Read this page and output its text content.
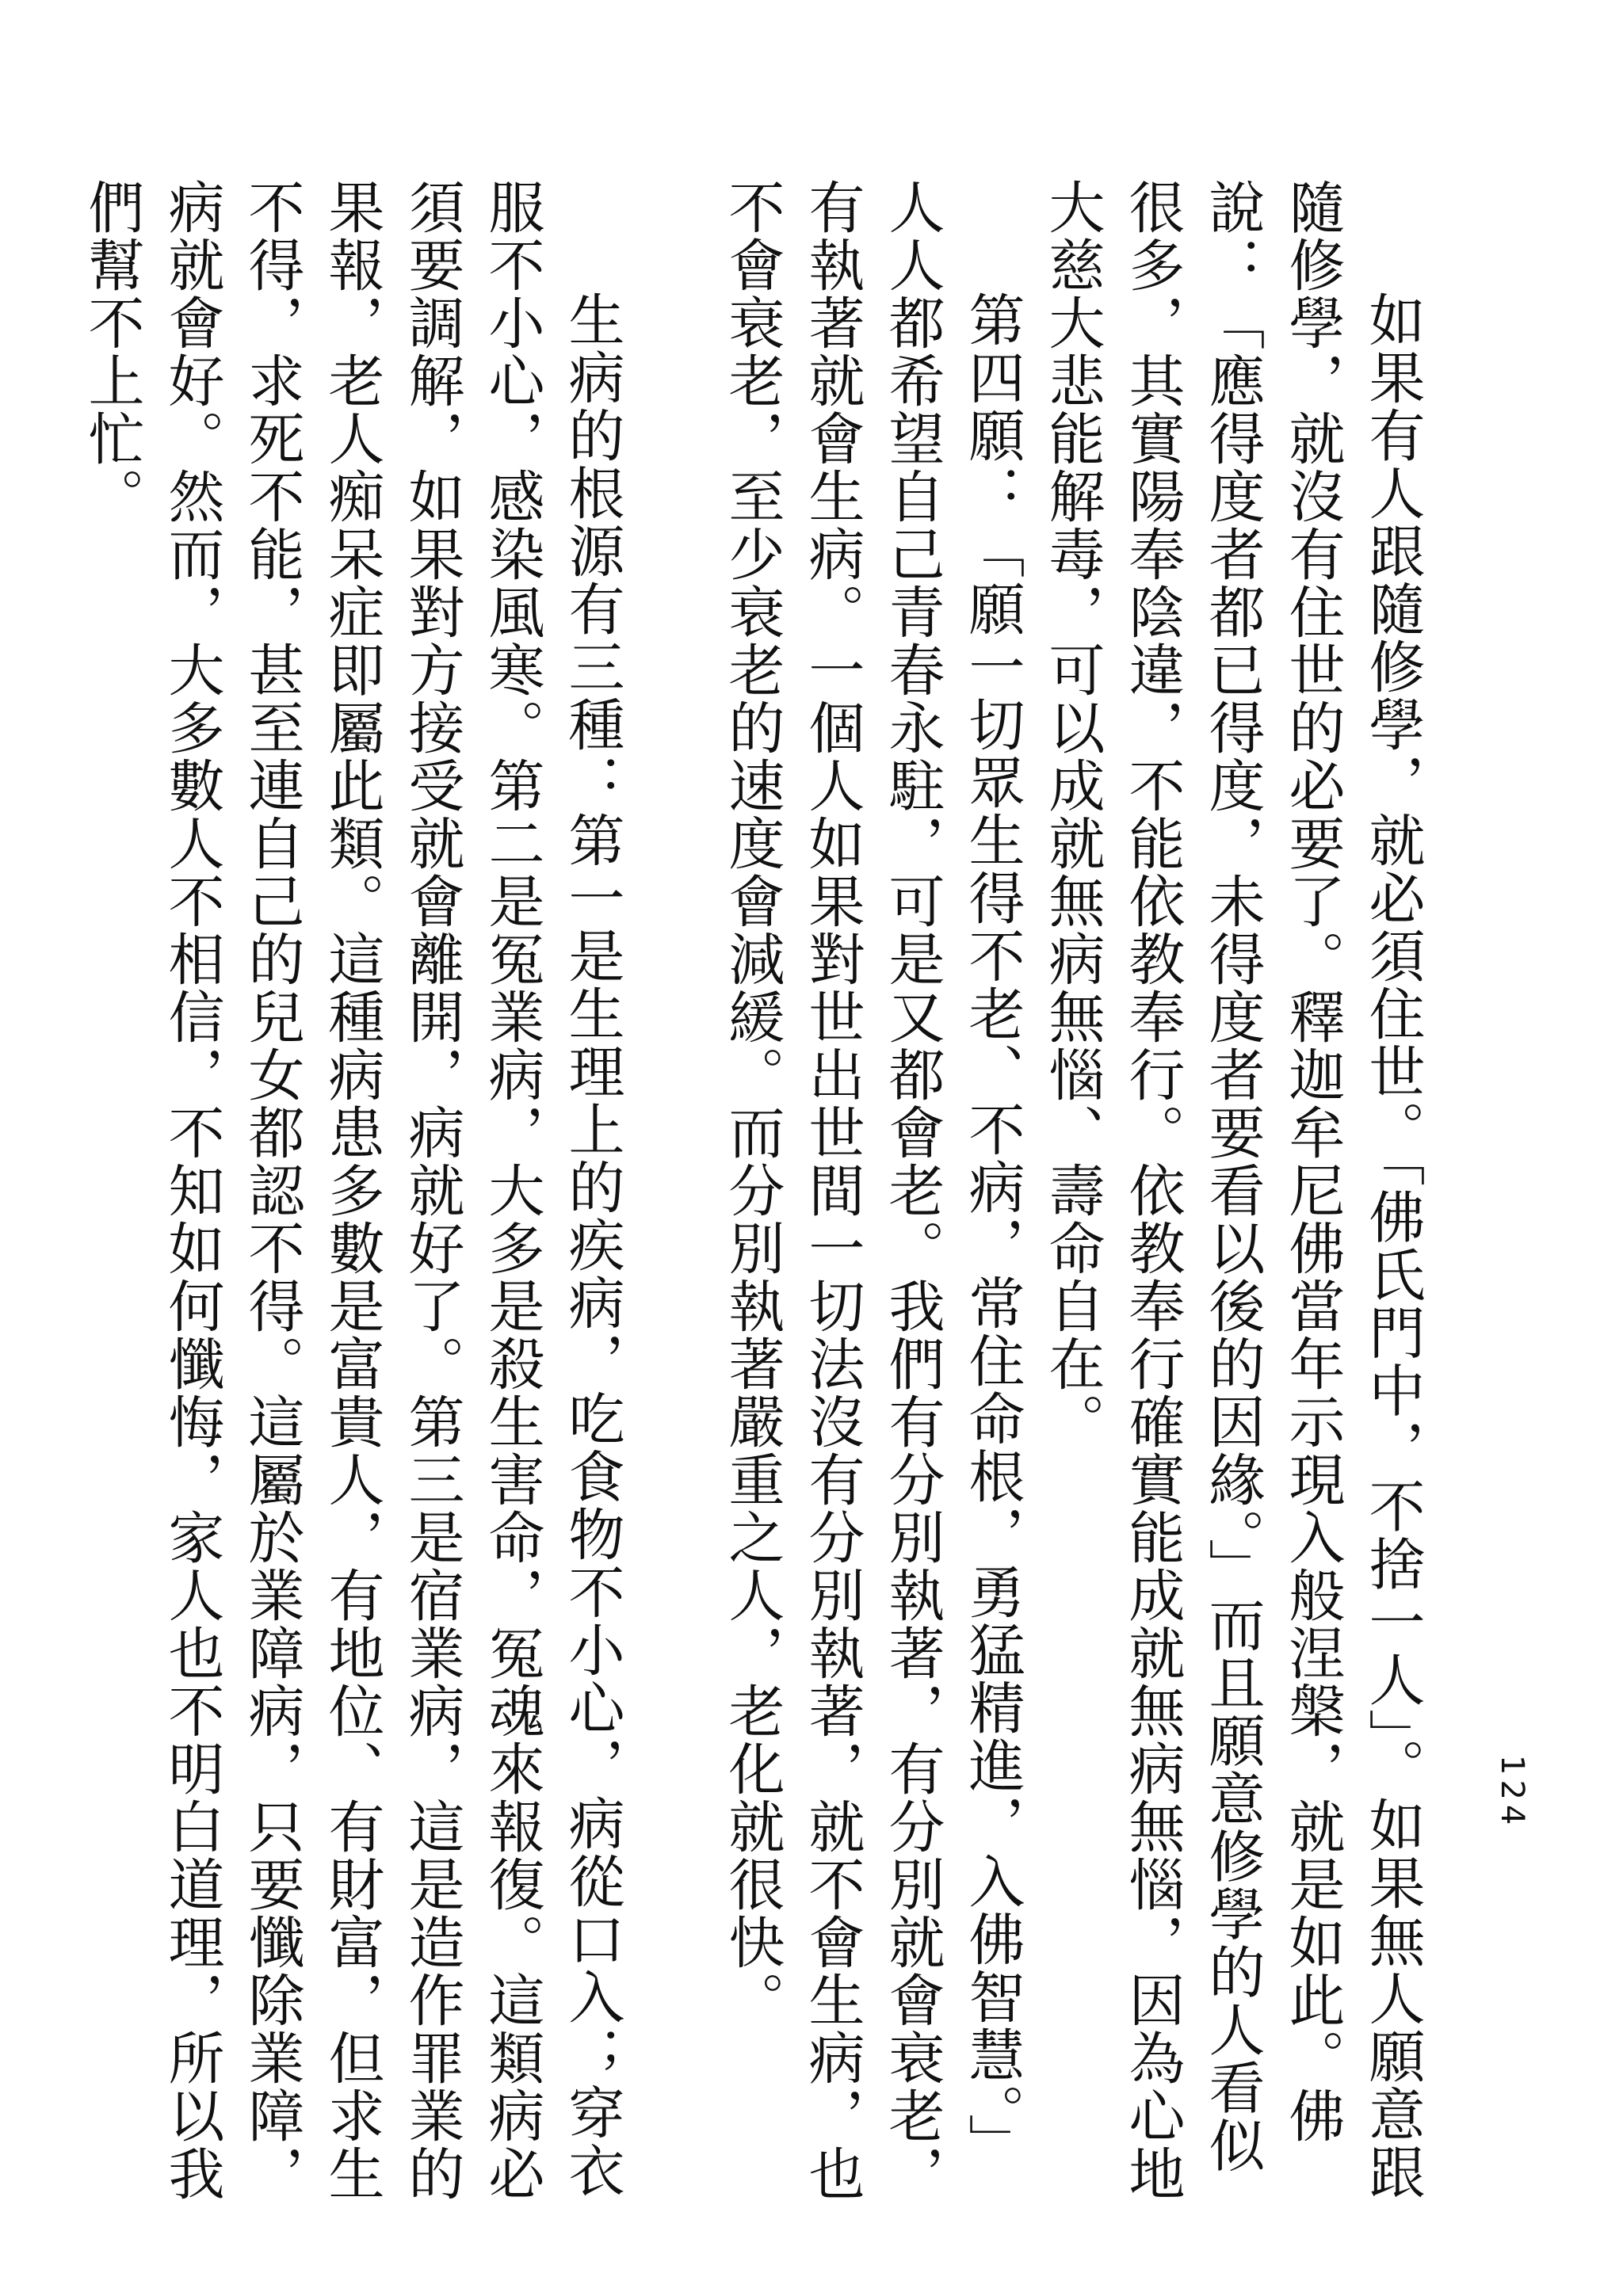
124

如果有人跟隨修學，就必須住世。「佛氏門中，不捨一人」。如果無人願意跟隨修學，就沒有住世的必要了。釋迦牟尼佛當年示現入般涅槃，就是如此。佛說：「應得度者都已得度，未得度者要看以後的因緣。」而且願意修學的人看似很多，其實陽奉陰違，不能依教奉行。依教奉行確實能成就無病無惱，因為心地大慈大悲能解毒，可以成就無病無惱、壽命自在。

第四願：「願一切眾生得不老、不病，常住命根，勇猛精進，入佛智慧。」人人都希望自己青春永駐，可是又都會老。我們有分別執著，有分別就會衰老，有執著就會生病。一個人如果對世出世間一切法沒有分別執著，就不會生病，也不會衰老，至少衰老的速度會減緩。而分別執著嚴重之人，老化就很快。

生病的根源有三種：第一是生理上的疾病，吃食物不小心，病從口入；穿衣服不小心，感染風寒。第二是冤業病，大多是殺生害命，冤魂來報復。這類病必須要調解，如果對方接受就會離開，病就好了。第三是宿業病，這是造作罪業的果報，老人痴呆症即屬此類。這種病患多數是富貴人，有地位、有財富，但求生不得，求死不能，甚至連自己的兒女都認不得。這屬於業障病，只要懺除業障，病就會好。然而，大多數人不相信，不知如何懺悔，家人也不明白道理，所以我們幫不上忙。
